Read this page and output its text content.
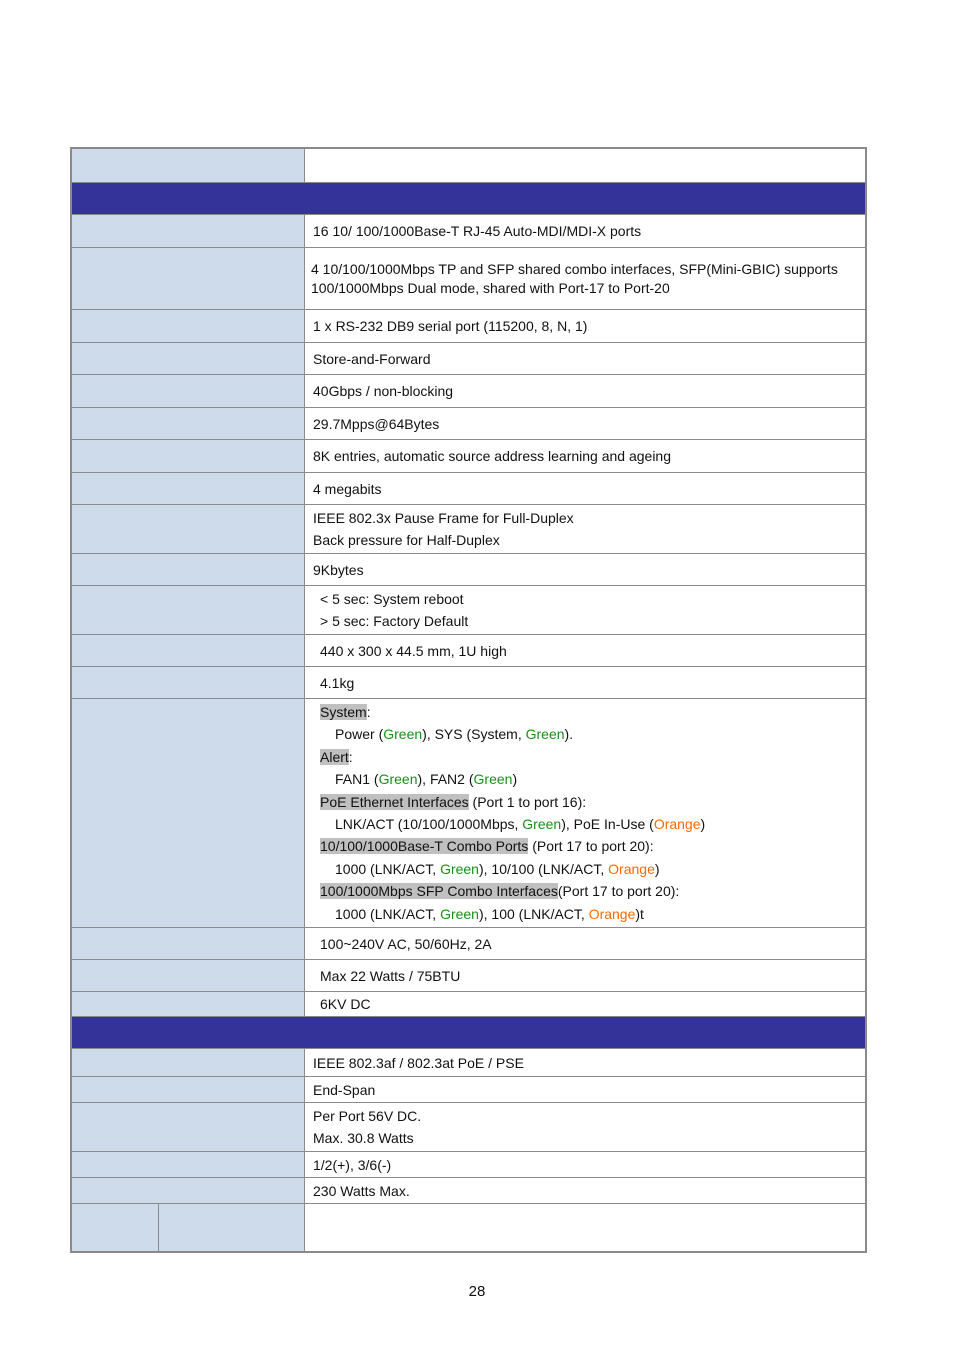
16 10/ 100/1000Base-T RJ-45 Auto-MDI/MDI-X ports
4 10/100/1000Mbps TP and SFP shared combo interfaces, SFP(Mini-GBIC) supports
100/1000Mbps Dual mode, shared with Port-17 to Port-20
1 x RS-232 DB9 serial port (115200, 8, N, 1)
Store-and-Forward
40Gbps / non-blocking
29.7Mpps@64Bytes
8K entries, automatic source address learning and ageing
4 megabits
IEEE 802.3x Pause Frame for Full-Duplex
Back pressure for Half-Duplex
9Kbytes
< 5 sec: System reboot
> 5 sec: Factory Default
440 x 300 x 44.5 mm, 1U high
4.1kg
System:
Power (Green), SYS (System, Green).
Alert:
FAN1 (Green), FAN2 (Green)
PoE Ethernet Interfaces (Port 1 to port 16):
LNK/ACT (10/100/1000Mbps, Green), PoE In-Use (Orange)
10/100/1000Base-T Combo Ports (Port 17 to port 20):
1000 (LNK/ACT, Green), 10/100 (LNK/ACT, Orange)
100/1000Mbps SFP Combo Interfaces(Port 17 to port 20):
1000 (LNK/ACT, Green), 100 (LNK/ACT, Orange)t
100~240V AC, 50/60Hz, 2A
Max 22 Watts / 75BTU
6KV DC
IEEE 802.3af / 802.3at PoE / PSE
End-Span
Per Port 56V DC.
Max. 30.8 Watts
1/2(+), 3/6(-)
230 Watts Max.
28
